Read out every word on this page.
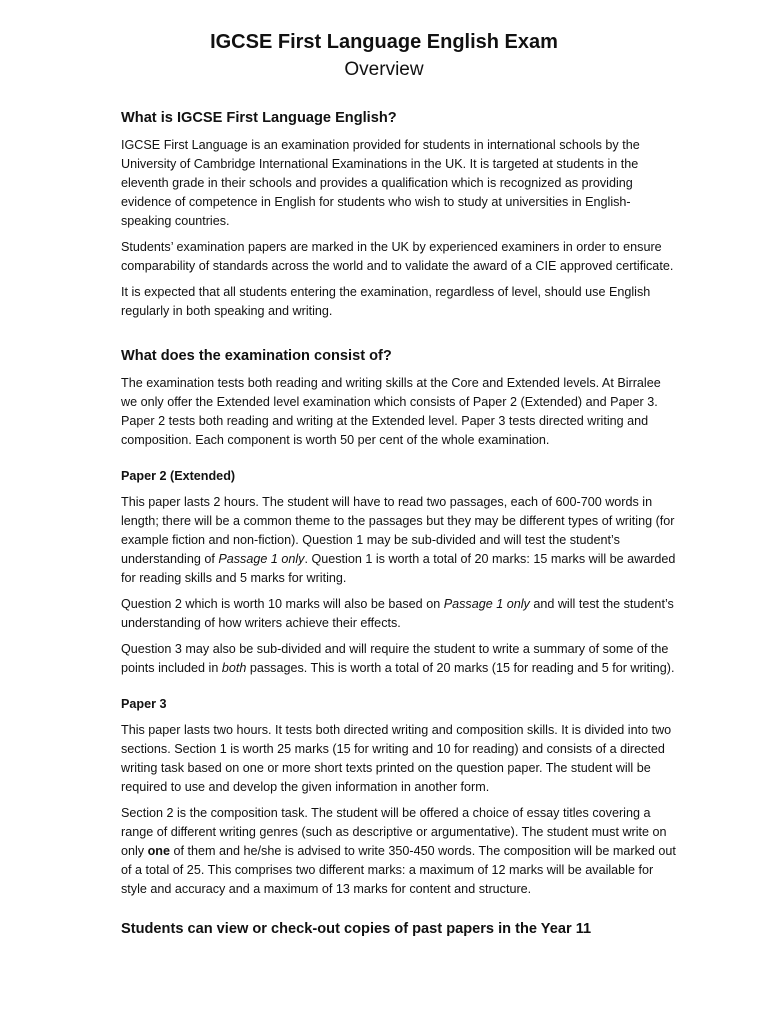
IGCSE First Language English Exam
Overview
What is IGCSE First Language English?

IGCSE First Language is an examination provided for students in international schools by the University of Cambridge International Examinations in the UK. It is targeted at students in the eleventh grade in their schools and provides a qualification which is recognized as providing evidence of competence in English for students who wish to study at universities in English-speaking countries.

Students’ examination papers are marked in the UK by experienced examiners in order to ensure comparability of standards across the world and to validate the award of a CIE approved certificate.

It is expected that all students entering the examination, regardless of level, should use English regularly in both speaking and writing.

What does the examination consist of?

The examination tests both reading and writing skills at the Core and Extended levels. At Birralee we only offer the Extended level examination which consists of Paper 2 (Extended) and Paper 3. Paper 2 tests both reading and writing at the Extended level. Paper 3 tests directed writing and composition. Each component is worth 50 per cent of the whole examination.

Paper 2 (Extended)

This paper lasts 2 hours. The student will have to read two passages, each of 600-700 words in length; there will be a common theme to the passages but they may be different types of writing (for example fiction and non-fiction). Question 1 may be sub-divided and will test the student’s understanding of Passage 1 only. Question 1 is worth a total of 20 marks: 15 marks will be awarded for reading skills and 5 marks for writing.

Question 2 which is worth 10 marks will also be based on Passage 1 only and will test the student’s understanding of how writers achieve their effects.

Question 3 may also be sub-divided and will require the student to write a summary of some of the points included in both passages. This is worth a total of 20 marks (15 for reading and 5 for writing).

Paper 3

This paper lasts two hours. It tests both directed writing and composition skills. It is divided into two sections. Section 1 is worth 25 marks (15 for writing and 10 for reading) and consists of a directed writing task based on one or more short texts printed on the question paper. The student will be required to use and develop the given information in another form.

Section 2 is the composition task. The student will be offered a choice of essay titles covering a range of different writing genres (such as descriptive or argumentative). The student must write on only one of them and he/she is advised to write 350-450 words. The composition will be marked out of a total of 25. This comprises two different marks: a maximum of 12 marks will be available for style and accuracy and a maximum of 13 marks for content and structure.

Students can view or check-out copies of past papers in the Year 11
